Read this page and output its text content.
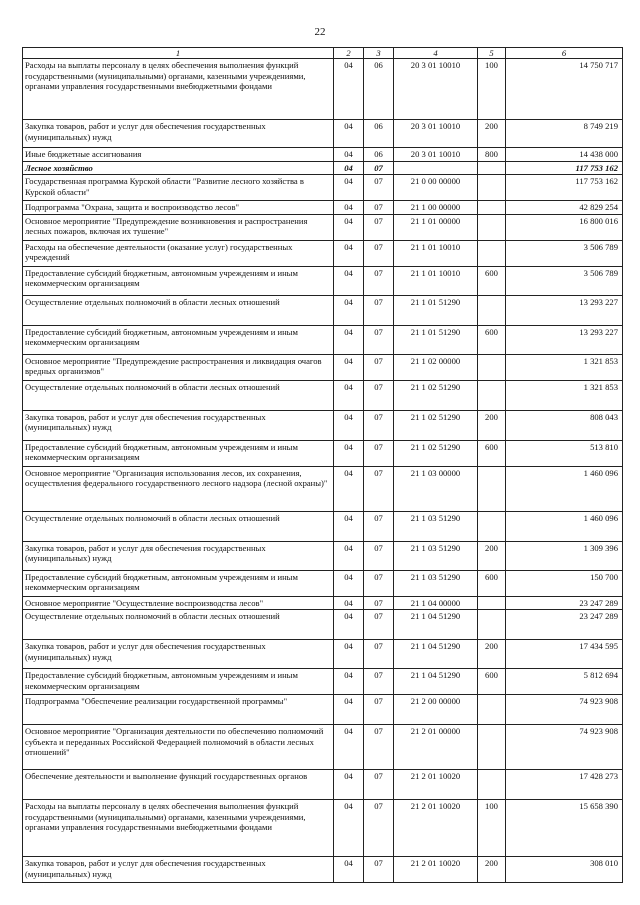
22
1	2	3	4	5	6
Расходы на выплаты персоналу в целях обеспечения выполнения функций государственными (муниципальными) органами, казенными учреждениями, органами управления государственными внебюджетными фондами	04	06	20 3 01 10010	100	14 750 717
Закупка товаров, работ и услуг для обеспечения государственных (муниципальных) нужд	04	06	20 3 01 10010	200	8 749 219
Иные бюджетные ассигнования	04	06	20 3 01 10010	800	14 438 000
Лесное хозяйство	04	07			117 753 162
Государственная программа Курской области "Развитие лесного хозяйства в Курской области"	04	07	21 0 00 00000		117 753 162
Подпрограмма "Охрана, защита и воспроизводство лесов"	04	07	21 1 00 00000		42 829 254
Основное мероприятие "Предупреждение возникновения и распространения лесных пожаров, включая их тушение"	04	07	21 1 01 00000		16 800 016
Расходы на обеспечение деятельности (оказание услуг) государственных учреждений	04	07	21 1 01 10010		3 506 789
Предоставление субсидий бюджетным, автономным учреждениям и иным некоммерческим организациям	04	07	21 1 01 10010	600	3 506 789
Осуществление отдельных полномочий в области лесных отношений	04	07	21 1 01 51290		13 293 227
Предоставление субсидий бюджетным, автономным учреждениям и иным некоммерческим организациям	04	07	21 1 01 51290	600	13 293 227
Основное мероприятие "Предупреждение распространения и ликвидация очагов вредных организмов"	04	07	21 1 02 00000		1 321 853
Осуществление отдельных полномочий в области лесных отношений	04	07	21 1 02 51290		1 321 853
Закупка товаров, работ и услуг для обеспечения государственных (муниципальных) нужд	04	07	21 1 02 51290	200	808 043
Предоставление субсидий бюджетным, автономным учреждениям и иным некоммерческим организациям	04	07	21 1 02 51290	600	513 810
Основное мероприятие "Организация использования лесов, их сохранения, осуществления федерального государственного лесного надзора (лесной охраны)"	04	07	21 1 03 00000		1 460 096
Осуществление отдельных полномочий в области лесных отношений	04	07	21 1 03 51290		1 460 096
Закупка товаров, работ и услуг для обеспечения государственных (муниципальных) нужд	04	07	21 1 03 51290	200	1 309 396
Предоставление субсидий бюджетным, автономным учреждениям и иным некоммерческим организациям	04	07	21 1 03 51290	600	150 700
Основное мероприятие "Осуществление воспроизводства лесов"	04	07	21 1 04 00000		23 247 289
Осуществление отдельных полномочий в области лесных отношений	04	07	21 1 04 51290		23 247 289
Закупка товаров, работ и услуг для обеспечения государственных (муниципальных) нужд	04	07	21 1 04 51290	200	17 434 595
Предоставление субсидий бюджетным, автономным учреждениям и иным некоммерческим организациям	04	07	21 1 04 51290	600	5 812 694
Подпрограмма "Обеспечение реализации государственной программы"	04	07	21 2 00 00000		74 923 908
Основное мероприятие "Организация деятельности по обеспечению полномочий субъекта и переданных Российской Федерацией полномочий в области лесных отношений"	04	07	21 2 01 00000		74 923 908
Обеспечение деятельности и выполнение функций государственных органов	04	07	21 2 01 10020		17 428 273
Расходы на выплаты персоналу в целях обеспечения выполнения функций государственными (муниципальными) органами, казенными учреждениями, органами управления государственными внебюджетными фондами	04	07	21 2 01 10020	100	15 658 390
Закупка товаров, работ и услуг для обеспечения государственных (муниципальных) нужд	04	07	21 2 01 10020	200	308 010
